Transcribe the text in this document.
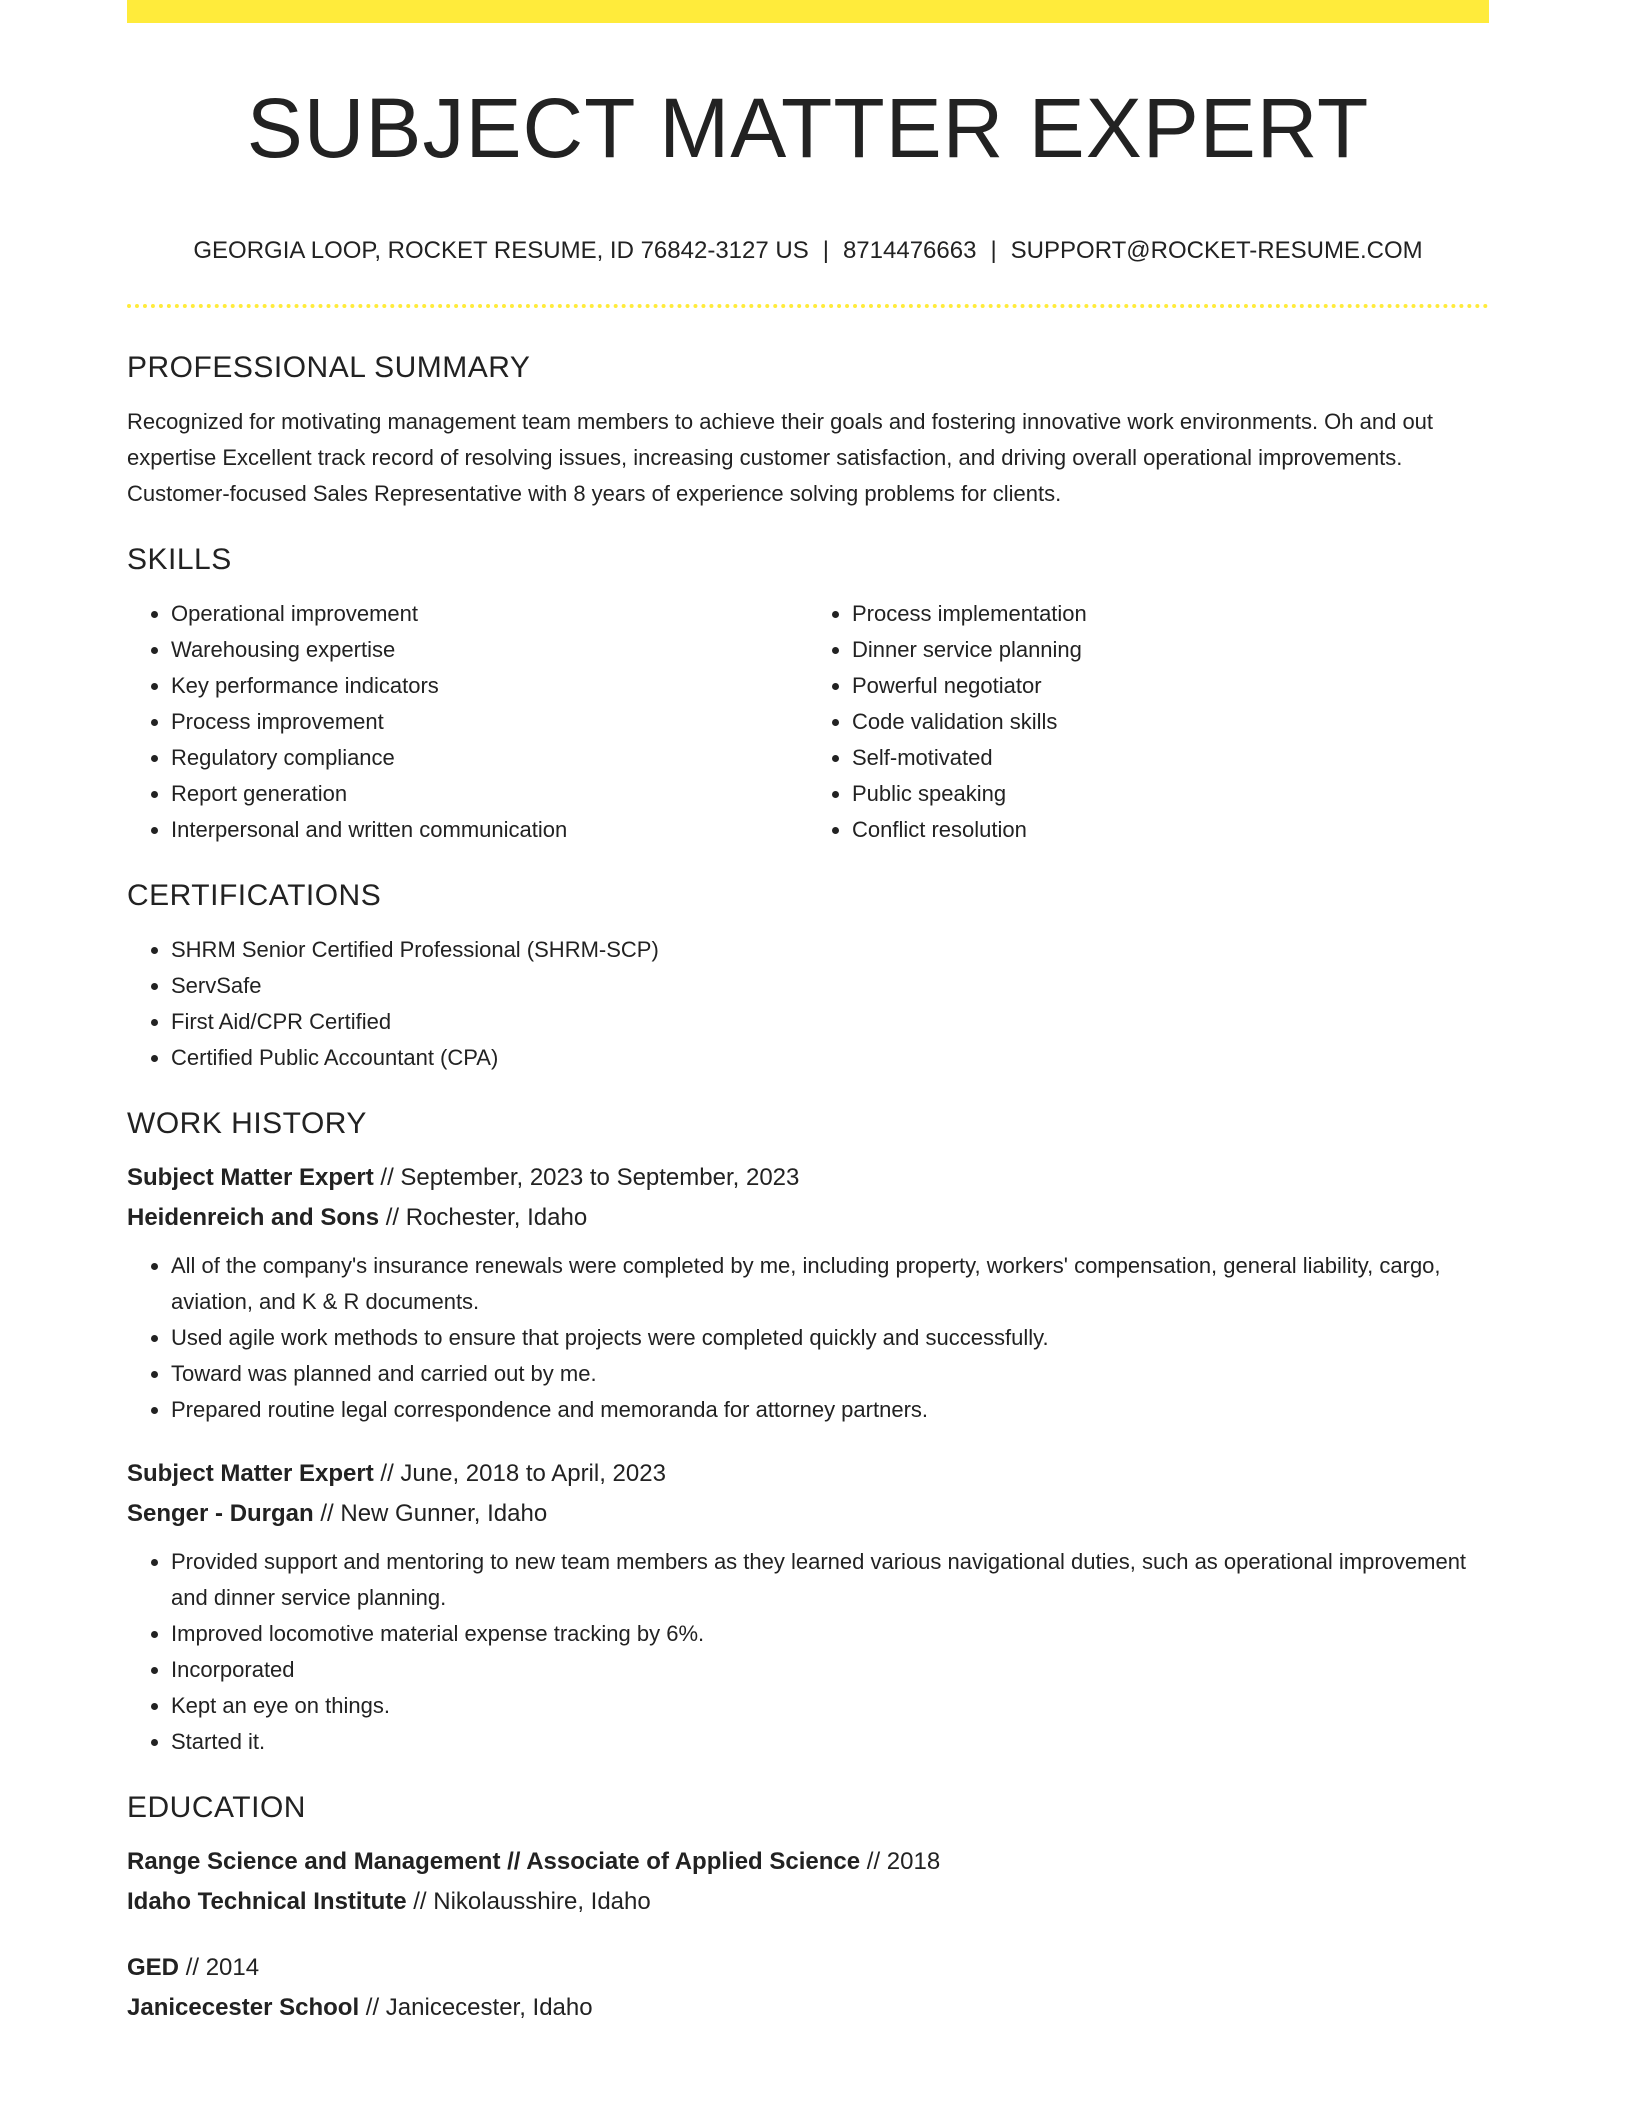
SUBJECT MATTER EXPERT
GEORGIA LOOP, ROCKET RESUME, ID 76842-3127 US | 8714476663 | SUPPORT@ROCKET-RESUME.COM
PROFESSIONAL SUMMARY

Recognized for motivating management team members to achieve their goals and fostering innovative work environments. Oh and out expertise Excellent track record of resolving issues, increasing customer satisfaction, and driving overall operational improvements. Customer-focused Sales Representative with 8 years of experience solving problems for clients.

SKILLS
• Operational improvement
• Warehousing expertise
• Key performance indicators
• Process improvement
• Regulatory compliance
• Report generation
• Interpersonal and written communication
• Process implementation
• Dinner service planning
• Powerful negotiator
• Code validation skills
• Self-motivated
• Public speaking
• Conflict resolution
CERTIFICATIONS
• SHRM Senior Certified Professional (SHRM-SCP)
• ServSafe
• First Aid/CPR Certified
• Certified Public Accountant (CPA)
WORK HISTORY
Subject Matter Expert // September, 2023 to September, 2023
Heidenreich and Sons // Rochester, Idaho
• All of the company's insurance renewals were completed by me, including property, workers' compensation, general liability, cargo, aviation, and K & R documents.
• Used agile work methods to ensure that projects were completed quickly and successfully.
• Toward was planned and carried out by me.
• Prepared routine legal correspondence and memoranda for attorney partners.
Subject Matter Expert // June, 2018 to April, 2023
Senger - Durgan // New Gunner, Idaho
• Provided support and mentoring to new team members as they learned various navigational duties, such as operational improvement and dinner service planning.
• Improved locomotive material expense tracking by 6%.
• Incorporated
• Kept an eye on things.
• Started it.
EDUCATION
Range Science and Management // Associate of Applied Science // 2018
Idaho Technical Institute // Nikolausshire, Idaho
GED // 2014
Janicecester School // Janicecester, Idaho
